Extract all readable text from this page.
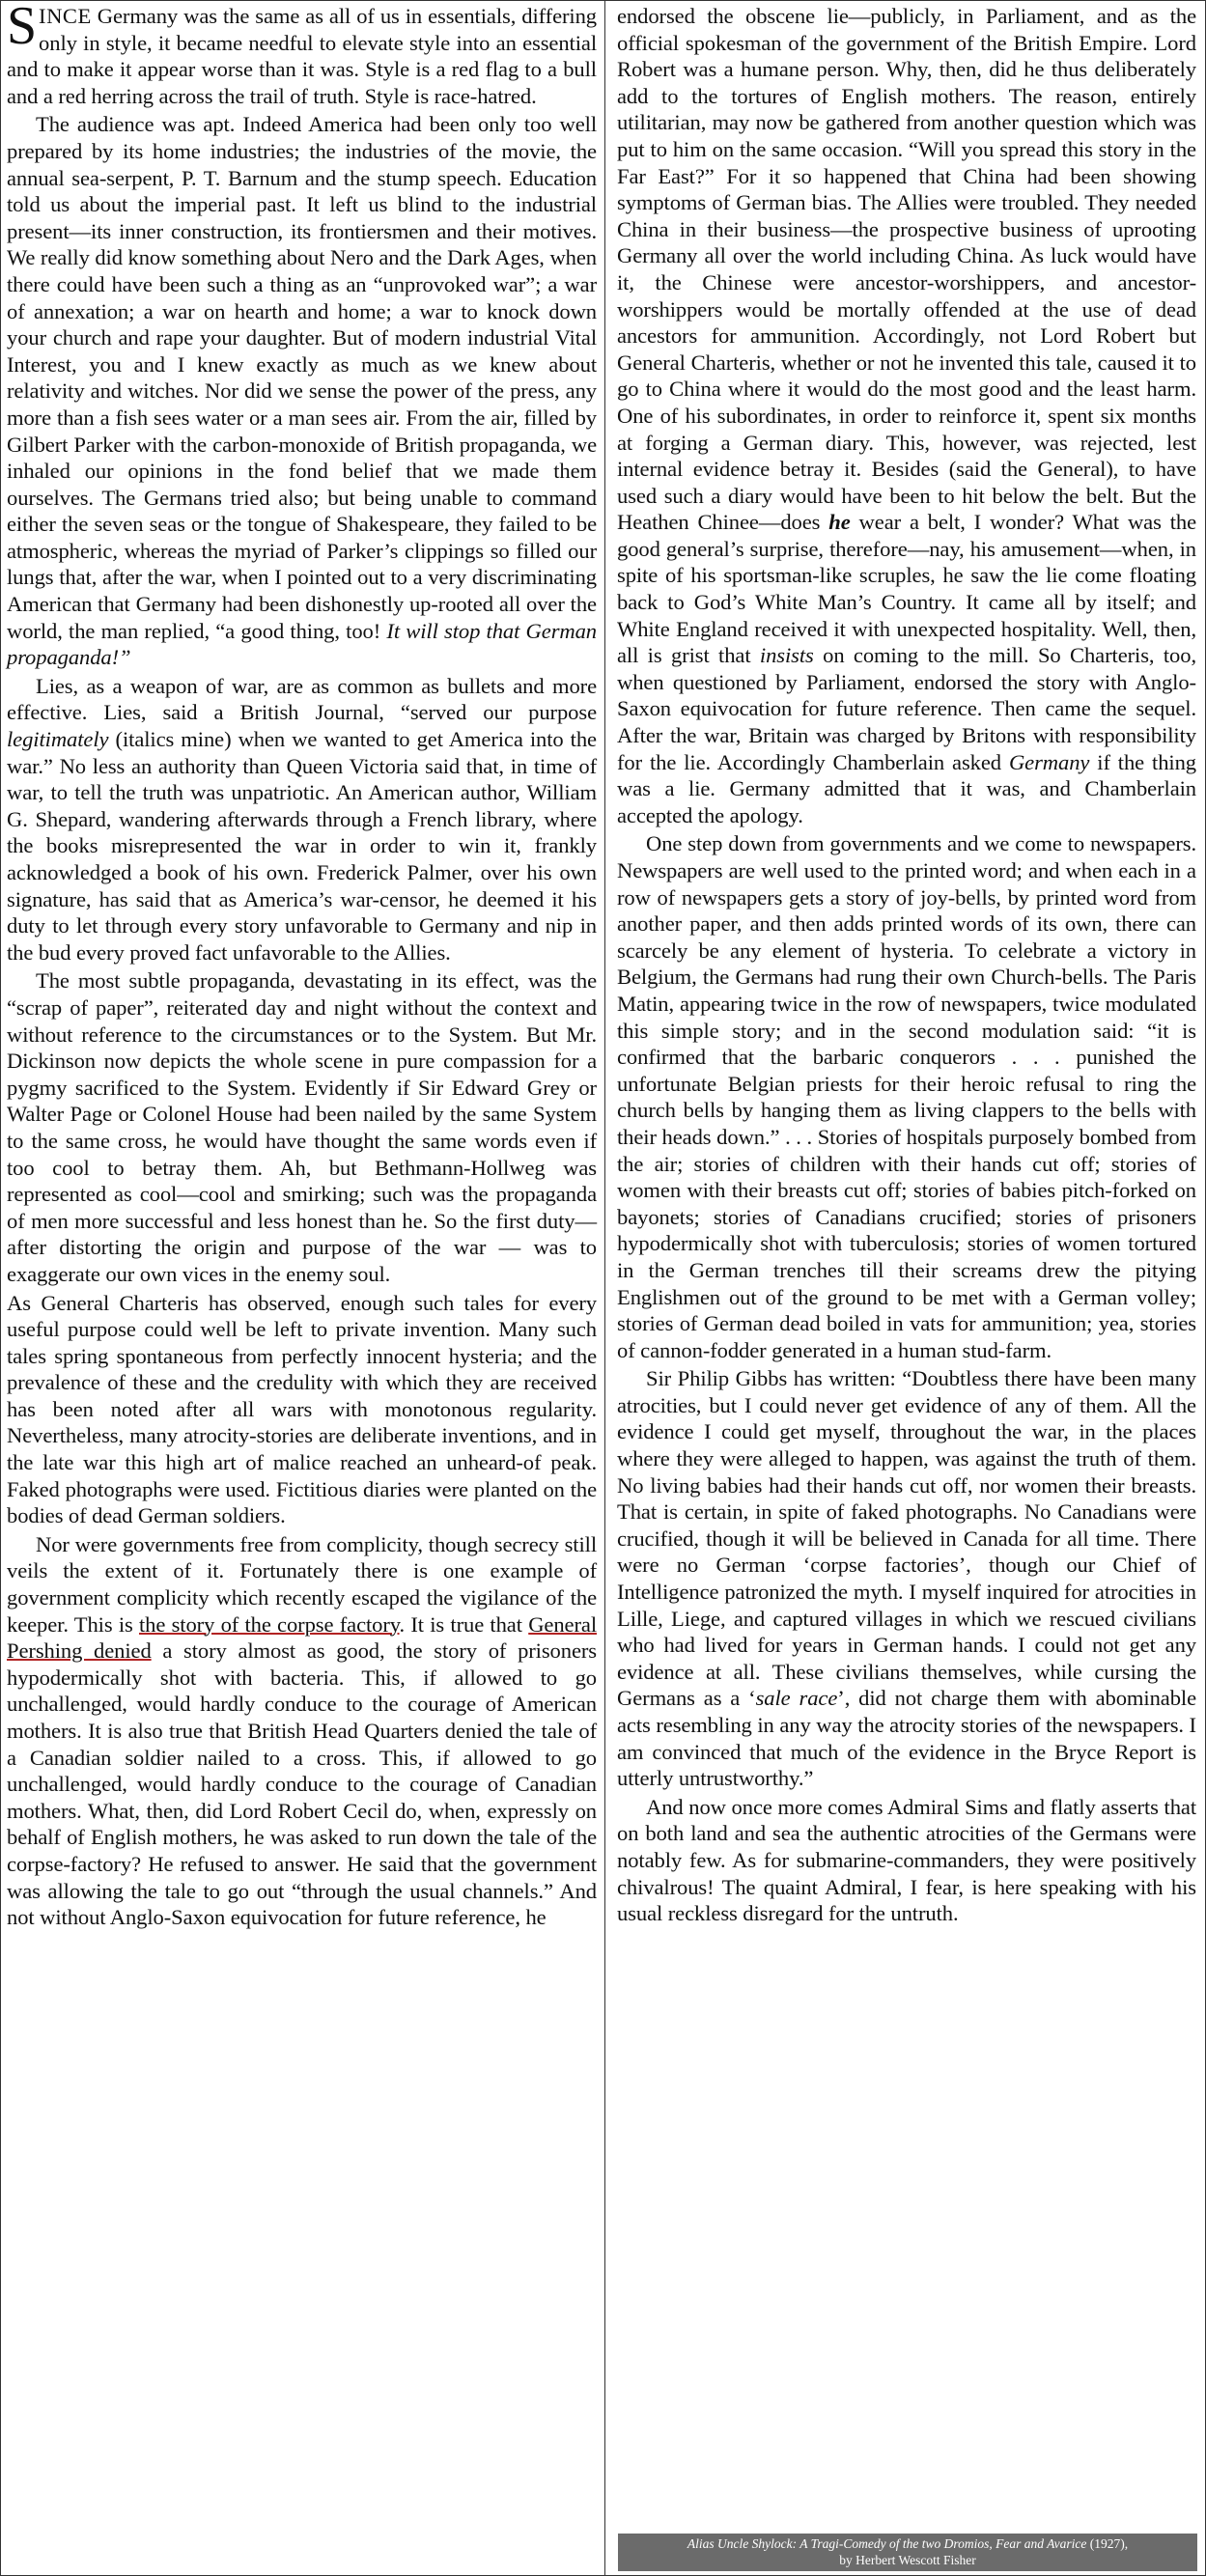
SINCE Germany was the same as all of us in essentials, differing only in style, it became needful to elevate style into an essential and to make it appear worse than it was. Style is a red flag to a bull and a red herring across the trail of truth. Style is race-hatred.

The audience was apt. Indeed America had been only too well prepared by its home industries; the industries of the movie, the annual sea-serpent, P. T. Barnum and the stump speech. Education told us about the imperial past. It left us blind to the industrial present—its inner construction, its frontiersmen and their motives. We really did know something about Nero and the Dark Ages, when there could have been such a thing as an “unprovoked war”; a war of annexation; a war on hearth and home; a war to knock down your church and rape your daughter. But of modern industrial Vital Interest, you and I knew exactly as much as we knew about relativity and witches. Nor did we sense the power of the press, any more than a fish sees water or a man sees air. From the air, filled by Gilbert Parker with the carbon-monoxide of British propaganda, we inhaled our opinions in the fond belief that we made them ourselves. The Germans tried also; but being unable to command either the seven seas or the tongue of Shakespeare, they failed to be atmospheric, whereas the myriad of Parker’s clippings so filled our lungs that, after the war, when I pointed out to a very discriminating American that Germany had been dishonestly up-rooted all over the world, the man replied, “a good thing, too! It will stop that German propaganda!”

Lies, as a weapon of war, are as common as bullets and more effective. Lies, said a British Journal, “served our purpose legitimately (italics mine) when we wanted to get America into the war.” No less an authority than Queen Victoria said that, in time of war, to tell the truth was unpatriotic. An American author, William G. Shepard, wandering afterwards through a French library, where the books misrepresented the war in order to win it, frankly acknowledged a book of his own. Frederick Palmer, over his own signature, has said that as America’s war-censor, he deemed it his duty to let through every story unfavorable to Germany and nip in the bud every proved fact unfavorable to the Allies.

The most subtle propaganda, devastating in its effect, was the “scrap of paper”, reiterated day and night without the context and without reference to the circumstances or to the System. But Mr. Dickinson now depicts the whole scene in pure compassion for a pygmy sacrificed to the System. Evidently if Sir Edward Grey or Walter Page or Colonel House had been nailed by the same System to the same cross, he would have thought the same words even if too cool to betray them. Ah, but Bethmann-Hollweg was represented as cool—cool and smirking; such was the propaganda of men more successful and less honest than he. So the first duty— after distorting the origin and purpose of the war — was to exaggerate our own vices in the enemy soul.

As General Charteris has observed, enough such tales for every useful purpose could well be left to private invention. Many such tales spring spontaneous from perfectly innocent hysteria; and the prevalence of these and the credulity with which they are received has been noted after all wars with monotonous regularity. Nevertheless, many atrocity-stories are deliberate inventions, and in the late war this high art of malice reached an unheard-of peak. Faked photographs were used. Fictitious diaries were planted on the bodies of dead German soldiers.

Nor were governments free from complicity, though secrecy still veils the extent of it. Fortunately there is one example of government complicity which recently escaped the vigilance of the keeper. This is the story of the corpse factory. It is true that General Pershing denied a story almost as good, the story of prisoners hypodermically shot with bacteria. This, if allowed to go unchallenged, would hardly conduce to the courage of American mothers. It is also true that British Head Quarters denied the tale of a Canadian soldier nailed to a cross. This, if allowed to go unchallenged, would hardly conduce to the courage of Canadian mothers. What, then, did Lord Robert Cecil do, when, expressly on behalf of English mothers, he was asked to run down the tale of the corpse-factory? He refused to answer. He said that the government was allowing the tale to go out “through the usual channels.” And not without Anglo-Saxon equivocation for future reference, he

endorsed the obscene lie—publicly, in Parliament, and as the official spokesman of the government of the British Empire. Lord Robert was a humane person. Why, then, did he thus deliberately add to the tortures of English mothers. The reason, entirely utilitarian, may now be gathered from another question which was put to him on the same occasion. “Will you spread this story in the Far East?” For it so happened that China had been showing symptoms of German bias. The Allies were troubled. They needed China in their business—the prospective business of uprooting Germany all over the world including China. As luck would have it, the Chinese were ancestor-worshippers, and ancestor-worshippers would be mortally offended at the use of dead ancestors for ammunition. Accordingly, not Lord Robert but General Charteris, whether or not he invented this tale, caused it to go to China where it would do the most good and the least harm. One of his subordinates, in order to reinforce it, spent six months at forging a German diary. This, however, was rejected, lest internal evidence betray it. Besides (said the General), to have used such a diary would have been to hit below the belt. But the Heathen Chinee—does he wear a belt, I wonder? What was the good general’s surprise, therefore—nay, his amusement—when, in spite of his sportsman-like scruples, he saw the lie come floating back to God’s White Man’s Country. It came all by itself; and White England received it with unexpected hospitality. Well, then, all is grist that insists on coming to the mill. So Charteris, too, when questioned by Parliament, endorsed the story with Anglo-Saxon equivocation for future reference. Then came the sequel. After the war, Britain was charged by Britons with responsibility for the lie. Accordingly Chamberlain asked Germany if the thing was a lie. Germany admitted that it was, and Chamberlain accepted the apology.

One step down from governments and we come to newspapers. Newspapers are well used to the printed word; and when each in a row of newspapers gets a story of joy-bells, by printed word from another paper, and then adds printed words of its own, there can scarcely be any element of hysteria. To celebrate a victory in Belgium, the Germans had rung their own Church-bells. The Paris Matin, appearing twice in the row of newspapers, twice modulated this simple story; and in the second modulation said: “it is confirmed that the barbaric conquerors . . . punished the unfortunate Belgian priests for their heroic refusal to ring the church bells by hanging them as living clappers to the bells with their heads down.” . . . Stories of hospitals purposely bombed from the air; stories of children with their hands cut off; stories of women with their breasts cut off; stories of babies pitch-forked on bayonets; stories of Canadians crucified; stories of prisoners hypodermically shot with tuberculosis; stories of women tortured in the German trenches till their screams drew the pitying Englishmen out of the ground to be met with a German volley; stories of German dead boiled in vats for ammunition; yea, stories of cannon-fodder generated in a human stud-farm.

Sir Philip Gibbs has written: “Doubtless there have been many atrocities, but I could never get evidence of any of them. All the evidence I could get myself, throughout the war, in the places where they were alleged to happen, was against the truth of them. No living babies had their hands cut off, nor women their breasts. That is certain, in spite of faked photographs. No Canadians were crucified, though it will be believed in Canada for all time. There were no German ‘corpse factories’, though our Chief of Intelligence patronized the myth. I myself inquired for atrocities in Lille, Liege, and captured villages in which we rescued civilians who had lived for years in German hands. I could not get any evidence at all. These civilians themselves, while cursing the Germans as a ‘sale race’, did not charge them with abominable acts resembling in any way the atrocity stories of the newspapers. I am convinced that much of the evidence in the Bryce Report is utterly untrustworthy.”

And now once more comes Admiral Sims and flatly asserts that on both land and sea the authentic atrocities of the Germans were notably few. As for submarine-commanders, they were positively chivalrous! The quaint Admiral, I fear, is here speaking with his usual reckless disregard for the untruth.

Alias Uncle Shylock: A Tragi-Comedy of the two Dromios, Fear and Avarice (1927),
by Herbert Wescott Fisher
